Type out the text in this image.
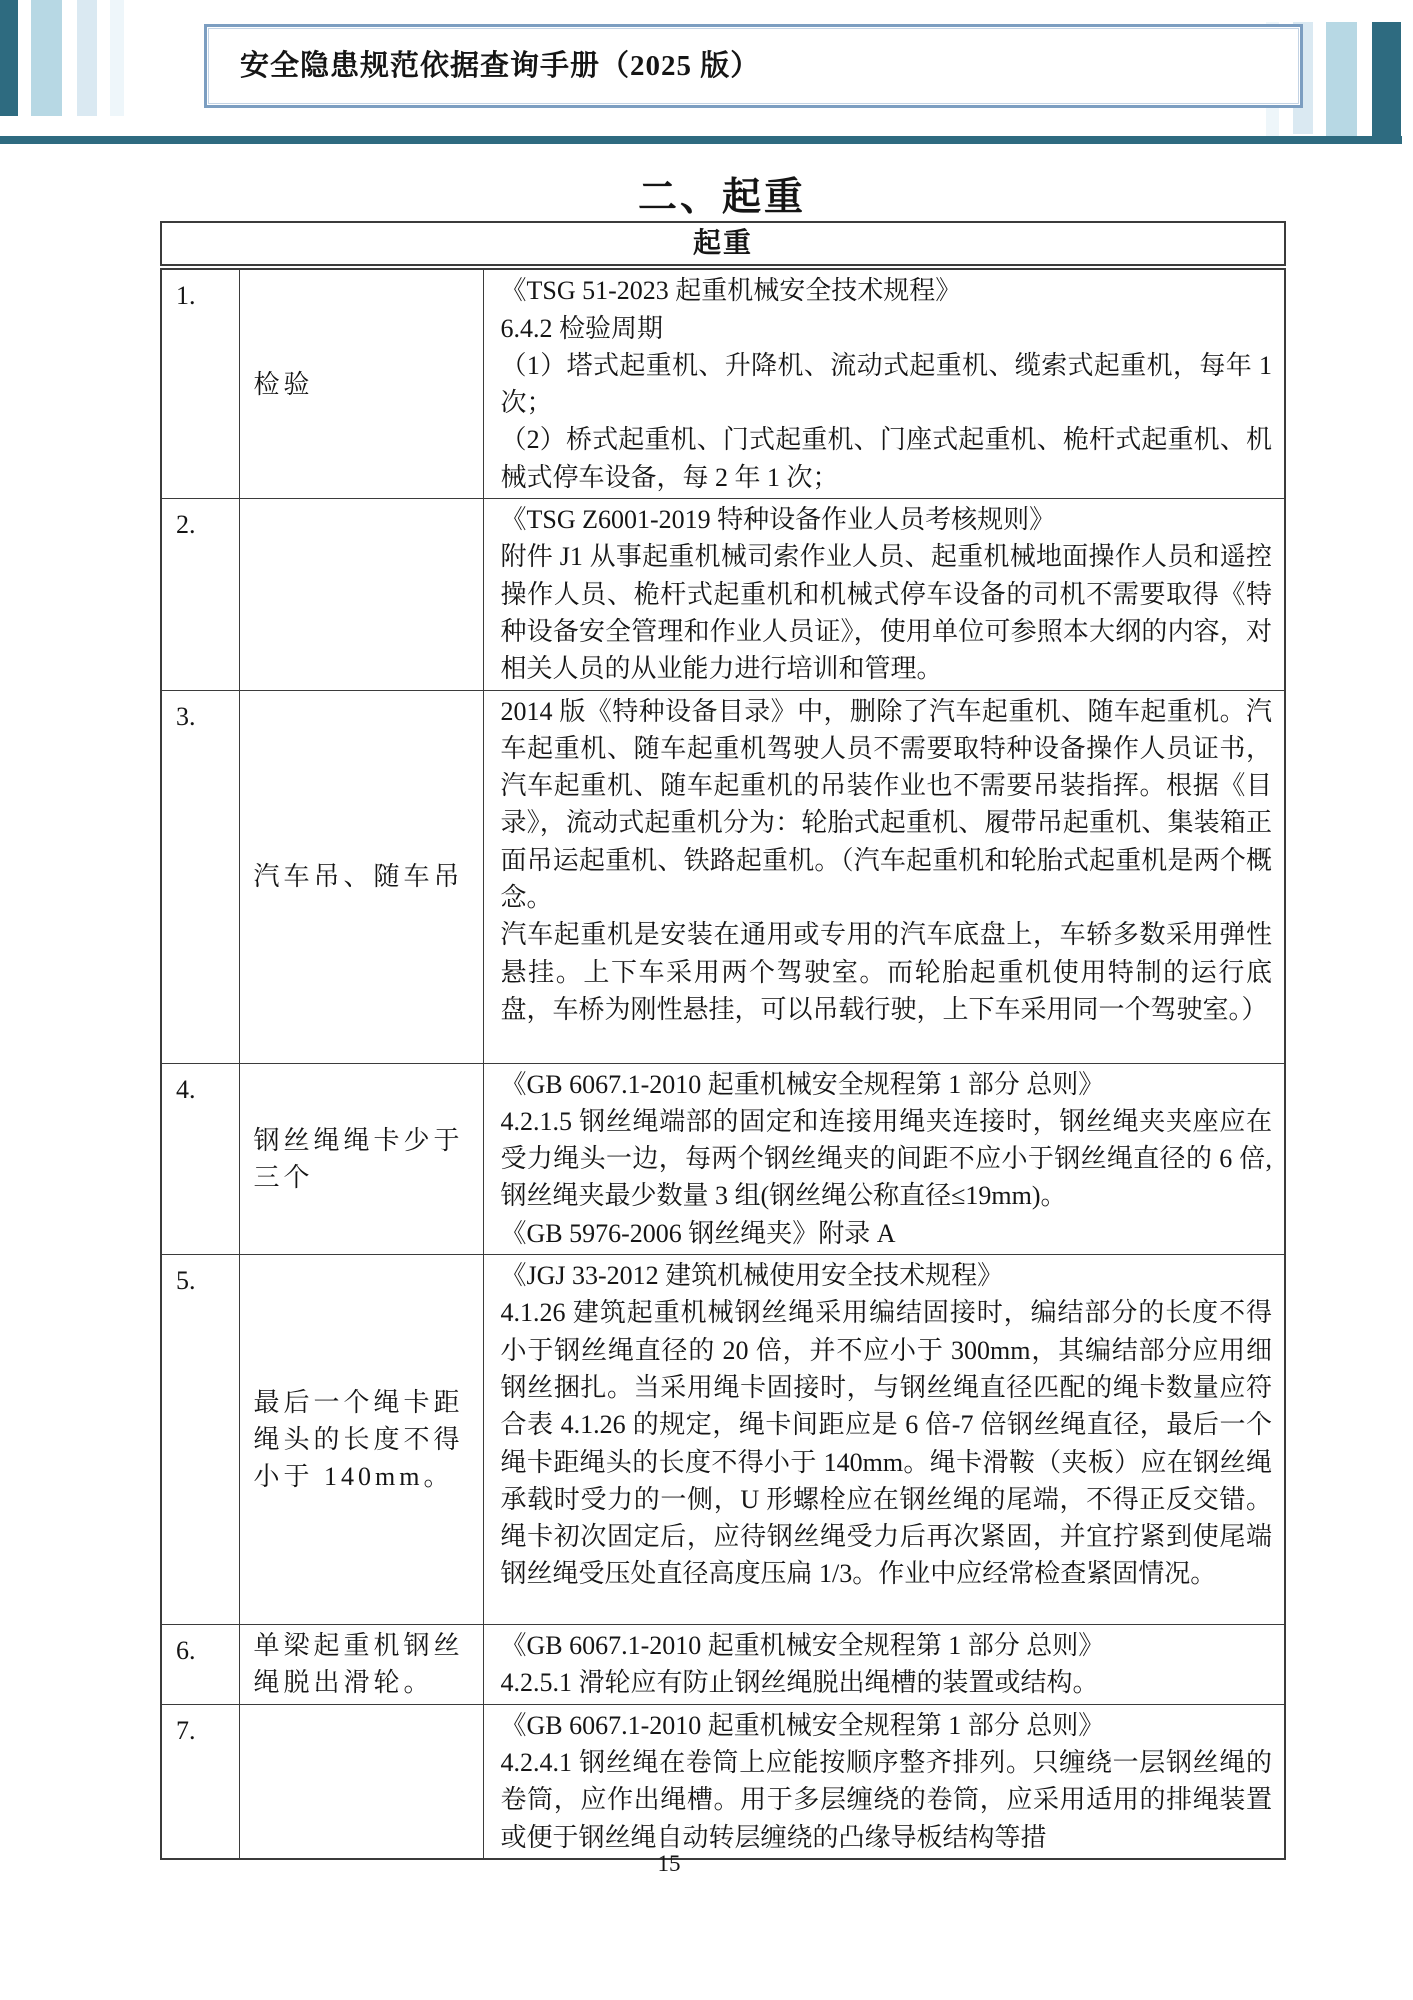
安全隐患规范依据查询手册（2025 版）
二、起重
起重		
1.	检验	《TSG 51-2023 起重机械安全技术规程》

6.4.2 检验周期

（1）塔式起重机、升降机、流动式起重机、缆索式起重机，每年 1 次；

（2）桥式起重机、门式起重机、门座式起重机、桅杆式起重机、机械式停车设备，每 2 年 1 次；

2.		《TSG Z6001-2019 特种设备作业人员考核规则》

附件 J1 从事起重机械司索作业人员、起重机械地面操作人员和遥控操作人员、桅杆式起重机和机械式停车设备的司机不需要取得《特种设备安全管理和作业人员证》，使用单位可参照本大纲的内容，对相关人员的从业能力进行培训和管理。

3.	汽车吊、随车吊	2014 版《特种设备目录》中，删除了汽车起重机、随车起重机。汽车起重机、随车起重机驾驶人员不需要取特种设备操作人员证书，汽车起重机、随车起重机的吊装作业也不需要吊装指挥。根据《目录》，流动式起重机分为：轮胎式起重机、履带吊起重机、集装箱正面吊运起重机、铁路起重机。（汽车起重机和轮胎式起重机是两个概念。

汽车起重机是安装在通用或专用的汽车底盘上，车轿多数采用弹性悬挂。上下车采用两个驾驶室。而轮胎起重机使用特制的运行底盘，车桥为刚性悬挂，可以吊载行驶，上下车采用同一个驾驶室。）

4.	钢丝绳绳卡少于三个	《GB 6067.1-2010 起重机械安全规程第 1 部分 总则》

4.2.1.5 钢丝绳端部的固定和连接用绳夹连接时，钢丝绳夹夹座应在受力绳头一边，每两个钢丝绳夹的间距不应小于钢丝绳直径的 6 倍,钢丝绳夹最少数量 3 组(钢丝绳公称直径≤19mm)。

《GB 5976-2006 钢丝绳夹》附录 A

5.	最后一个绳卡距绳头的长度不得小于 140mm。	《JGJ 33-2012 建筑机械使用安全技术规程》

4.1.26 建筑起重机械钢丝绳采用编结固接时，编结部分的长度不得小于钢丝绳直径的 20 倍，并不应小于 300mm，其编结部分应用细钢丝捆扎。当采用绳卡固接时，与钢丝绳直径匹配的绳卡数量应符合表 4.1.26 的规定，绳卡间距应是 6 倍-7 倍钢丝绳直径，最后一个绳卡距绳头的长度不得小于 140mm。绳卡滑鞍（夹板）应在钢丝绳承载时受力的一侧，U 形螺栓应在钢丝绳的尾端，不得正反交错。绳卡初次固定后，应待钢丝绳受力后再次紧固，并宜拧紧到使尾端钢丝绳受压处直径高度压扁 1/3。作业中应经常检查紧固情况。

6.	单梁起重机钢丝绳脱出滑轮。	《GB 6067.1-2010 起重机械安全规程第 1 部分 总则》

4.2.5.1 滑轮应有防止钢丝绳脱出绳槽的装置或结构。

7.		《GB 6067.1-2010 起重机械安全规程第 1 部分 总则》

4.2.4.1 钢丝绳在卷筒上应能按顺序整齐排列。只缠绕一层钢丝绳的卷筒，应作出绳槽。用于多层缠绕的卷筒，应采用适用的排绳装置或便于钢丝绳自动转层缠绕的凸缘导板结构等措

15
